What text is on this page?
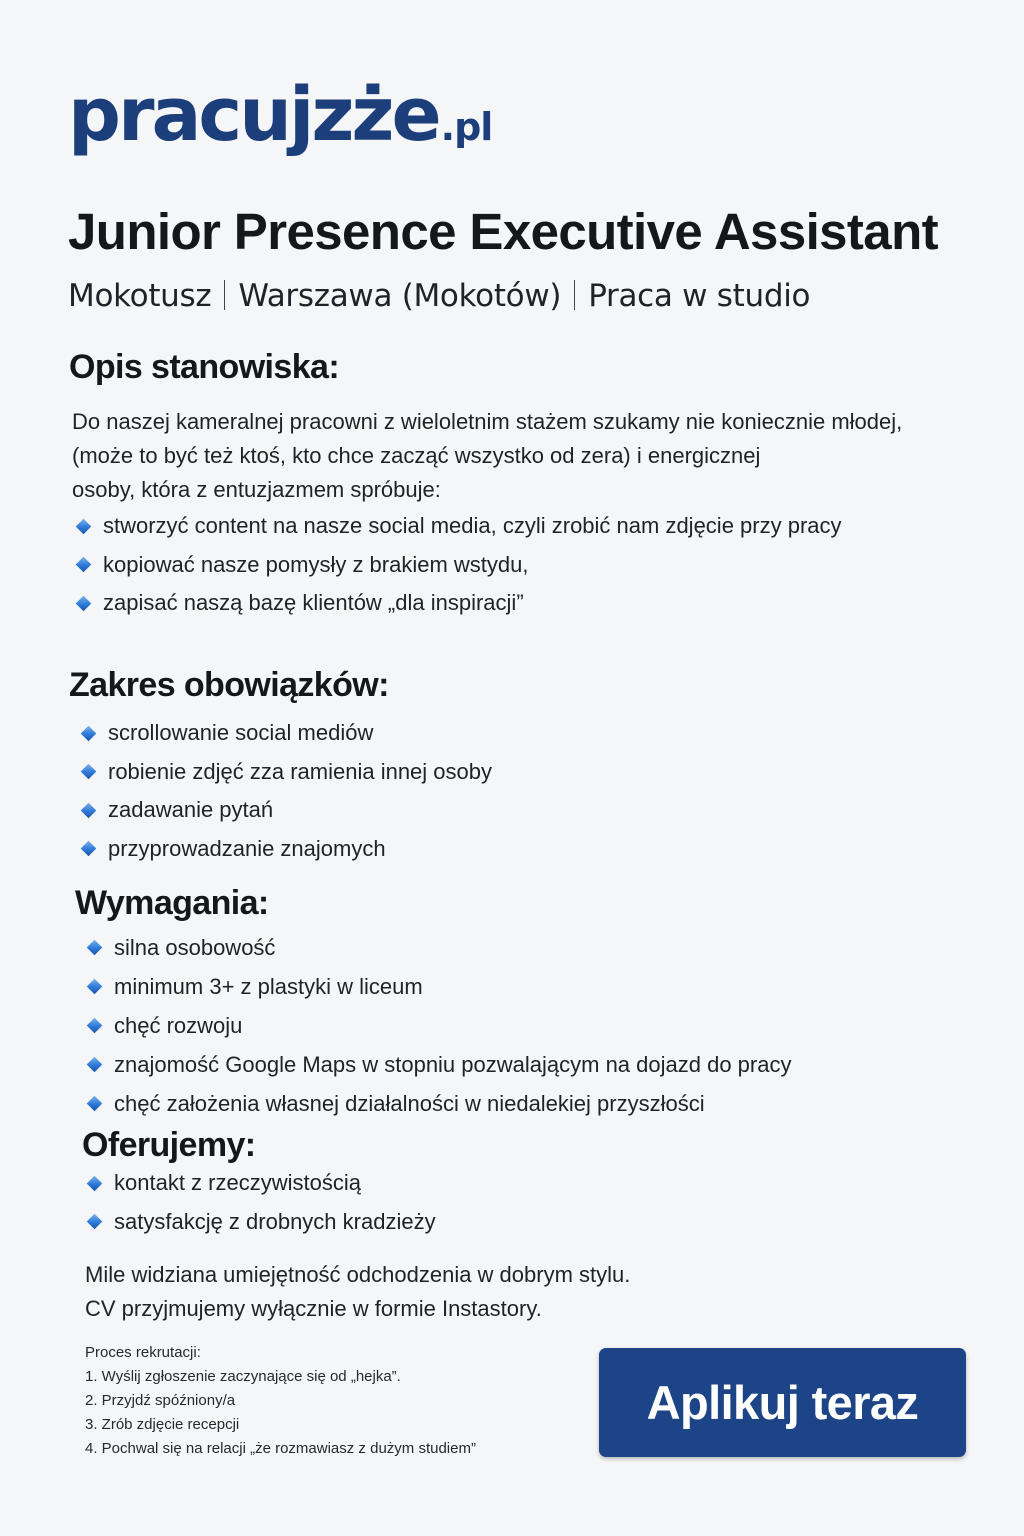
pracujzże.pl
Junior Presence Executive Assistant
Mokotusz Warszawa (Mokotów) Praca w studio
Opis stanowiska:
Do naszej kameralnej pracowni z wieloletnim stażem szukamy nie koniecznie młodej,
(może to być też ktoś, kto chce zacząć wszystko od zera) i energicznej
osoby, która z entuzjazmem spróbuje:
stworzyć content na nasze social media, czyli zrobić nam zdjęcie przy pracy
kopiować nasze pomysły z brakiem wstydu,
zapisać naszą bazę klientów „dla inspiracji”
Zakres obowiązków:
scrollowanie social mediów
robienie zdjęć zza ramienia innej osoby
zadawanie pytań
przyprowadzanie znajomych
Wymagania:
silna osobowość
minimum 3+ z plastyki w liceum
chęć rozwoju
znajomość Google Maps w stopniu pozwalającym na dojazd do pracy
chęć założenia własnej działalności w niedalekiej przyszłości
Oferujemy:
kontakt z rzeczywistością
satysfakcję z drobnych kradzieży
Mile widziana umiejętność odchodzenia w dobrym stylu.
CV przyjmujemy wyłącznie w formie Instastory.
Proces rekrutacji:
1. Wyślij zgłoszenie zaczynające się od „hejka”.
2. Przyjdź spóźniony/a
3. Zrób zdjęcie recepcji
4. Pochwal się na relacji „że rozmawiasz z dużym studiem”
Aplikuj teraz
